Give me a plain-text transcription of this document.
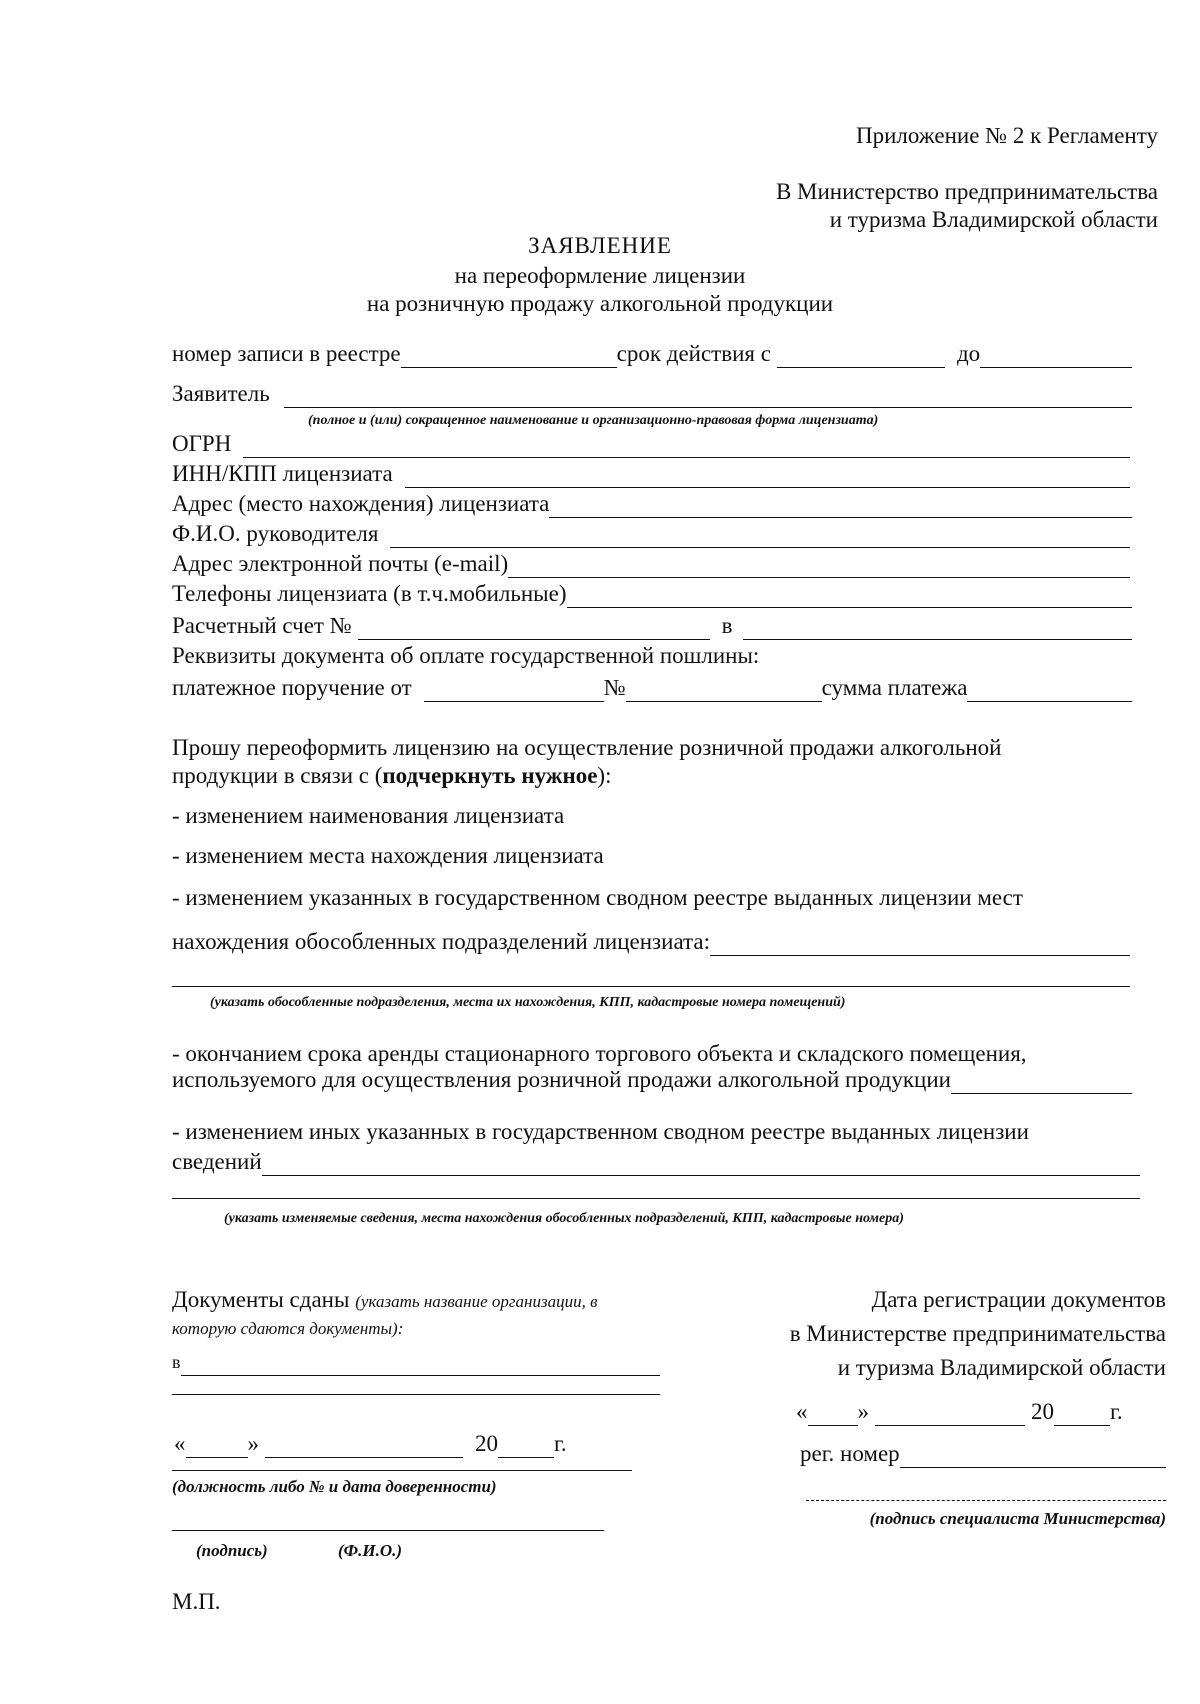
Приложение № 2 к Регламенту
В Министерство предпринимательства
и туризма Владимирской области
ЗАЯВЛЕНИЕ
на переоформление лицензии
на розничную продажу алкогольной продукции
номер записи в реестре	срок действия с	до
Заявитель
(полное и (или) сокращенное наименование и организационно-правовая форма лицензиата)
ОГРН
ИНН/КПП лицензиата
Адрес (место нахождения) лицензиата
Ф.И.О. руководителя
Адрес электронной почты (e-mail)
Телефоны лицензиата (в т.ч.мобильные)
Расчетный счет №	в
Реквизиты документа об оплате государственной пошлины:
платежное поручение от	№	сумма платежа
Прошу переоформить лицензию на осуществление розничной продажи алкогольной
продукции в связи с (подчеркнуть нужное):
- изменением наименования лицензиата
- изменением места нахождения лицензиата
- изменением указанных в государственном сводном реестре выданных лицензии мест
нахождения обособленных подразделений лицензиата:
(указать обособленные подразделения, места их нахождения, КПП, кадастровые номера помещений)
- окончанием срока аренды стационарного торгового объекта и складского помещения,
используемого для осуществления розничной продажи алкогольной продукции
- изменением иных указанных в государственном сводном реестре выданных лицензии
сведений
(указать изменяемые сведения, места нахождения обособленных подразделений, КПП, кадастровые номера)
Документы сданы (указать название организации, в
которую сдаются документы):
в
«	»	20 г.
(должность либо № и дата доверенности)
(подпись)	(Ф.И.О.)
М.П.
Дата регистрации документов
в Министерстве предпринимательства
и туризма Владимирской области
« »	20 г.
рег. номер
(подпись специалиста Министерства)
